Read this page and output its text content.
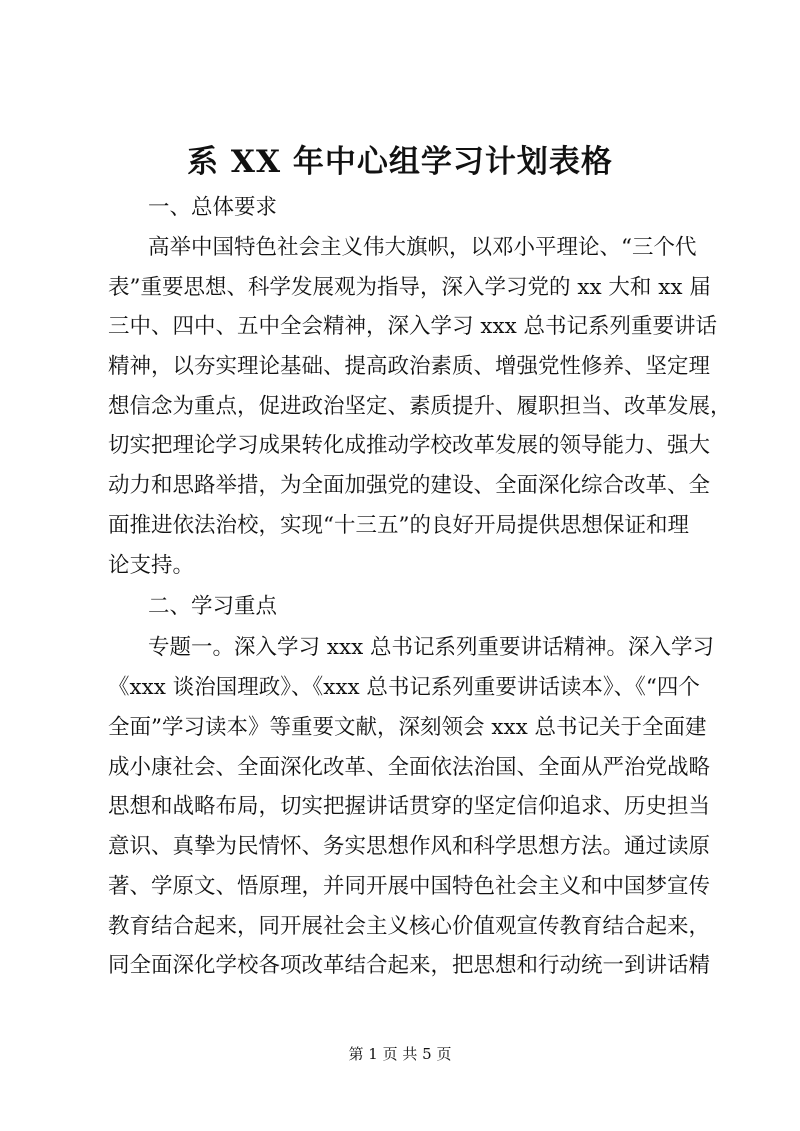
系 XX 年中心组学习计划表格
一、总体要求
高举中国特色社会主义伟大旗帜，以邓小平理论、“三个代
表”重要思想、科学发展观为指导，深入学习党的 xx 大和 xx 届
三中、四中、五中全会精神，深入学习 xxx 总书记系列重要讲话
精神，以夯实理论基础、提高政治素质、增强党性修养、坚定理
想信念为重点，促进政治坚定、素质提升、履职担当、改革发展，
切实把理论学习成果转化成推动学校改革发展的领导能力、强大
动力和思路举措，为全面加强党的建设、全面深化综合改革、全
面推进依法治校，实现“十三五”的良好开局提供思想保证和理
论支持。
二、学习重点
专题一。深入学习 xxx 总书记系列重要讲话精神。深入学习
《xxx 谈治国理政》、《xxx 总书记系列重要讲话读本》、《“四个
全面”学习读本》等重要文献，深刻领会 xxx 总书记关于全面建
成小康社会、全面深化改革、全面依法治国、全面从严治党战略
思想和战略布局，切实把握讲话贯穿的坚定信仰追求、历史担当
意识、真挚为民情怀、务实思想作风和科学思想方法。通过读原
著、学原文、悟原理，并同开展中国特色社会主义和中国梦宣传
教育结合起来，同开展社会主义核心价值观宣传教育结合起来，
同全面深化学校各项改革结合起来，把思想和行动统一到讲话精
第 1 页 共 5 页
